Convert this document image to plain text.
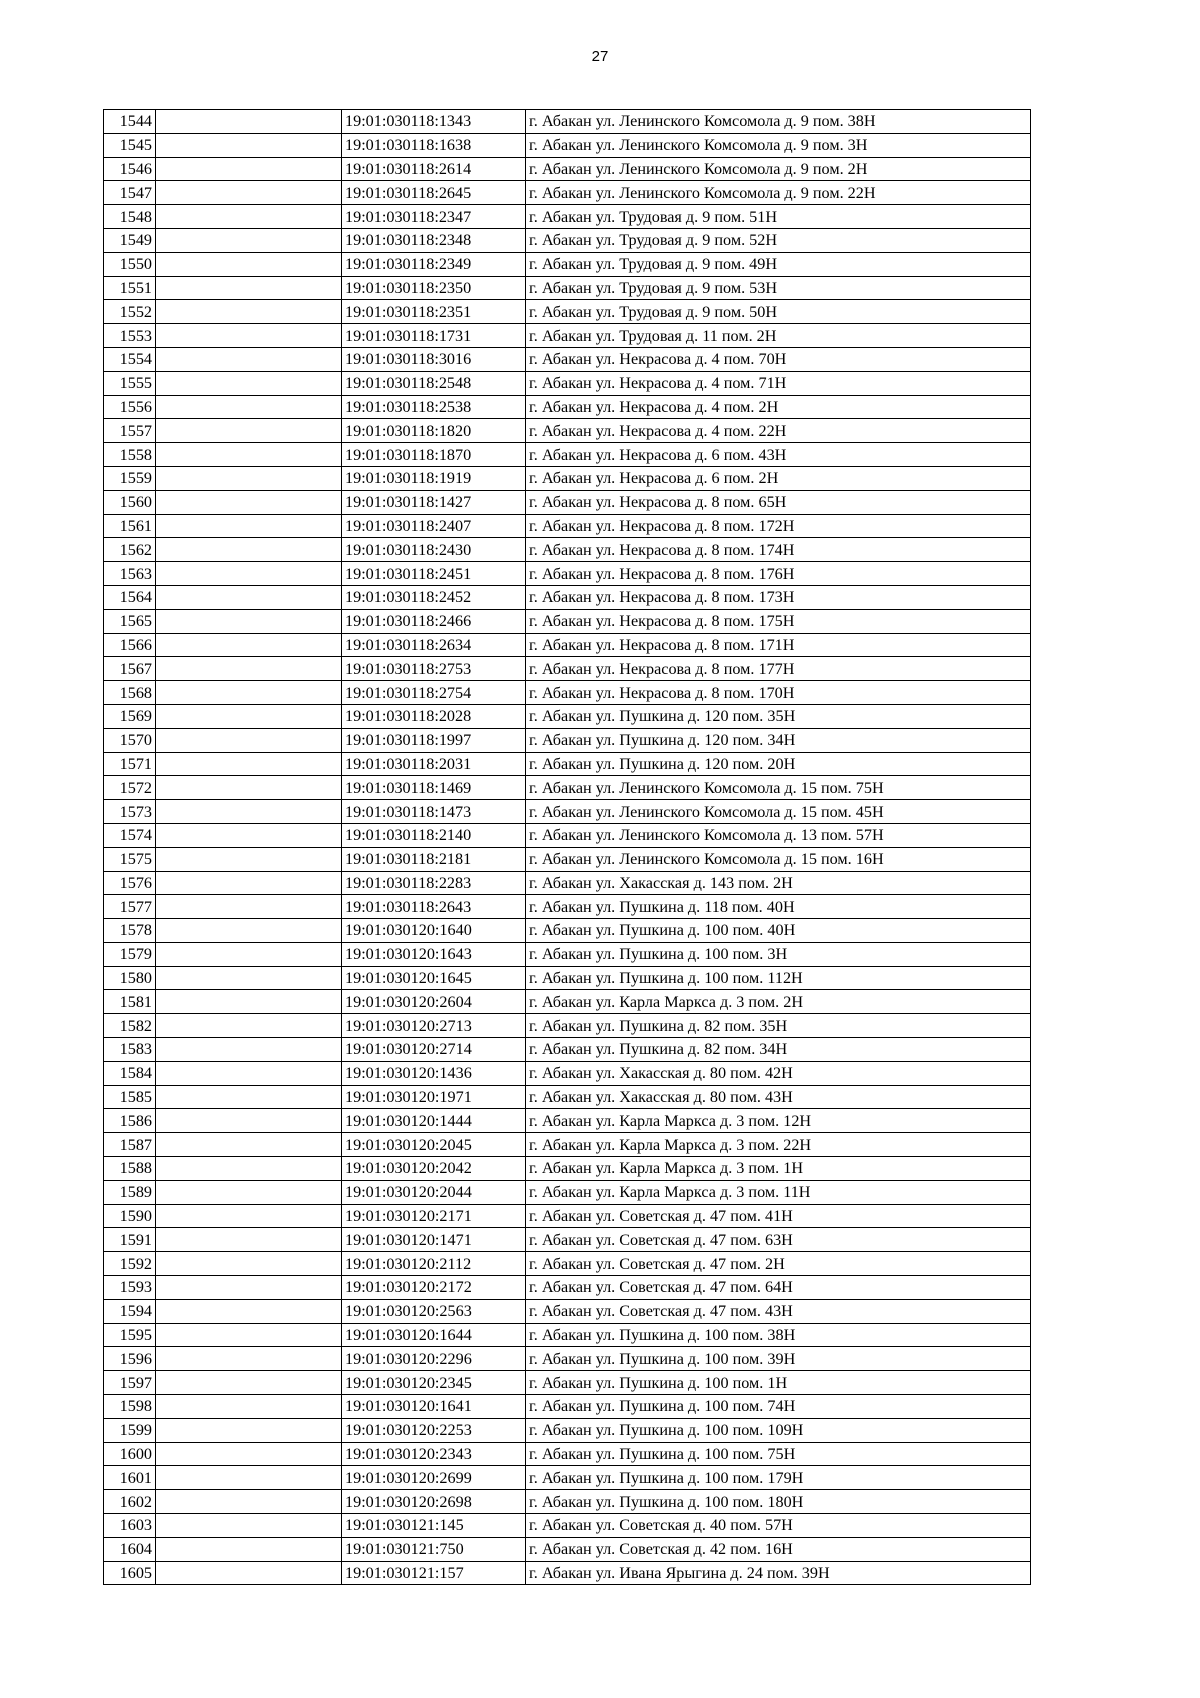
27
1544		19:01:030118:1343	г. Абакан ул. Ленинского Комсомола д. 9 пом. 38Н
1545		19:01:030118:1638	г. Абакан ул. Ленинского Комсомола д. 9 пом. 3Н
1546		19:01:030118:2614	г. Абакан ул. Ленинского Комсомола д. 9 пом. 2Н
1547		19:01:030118:2645	г. Абакан ул. Ленинского Комсомола д. 9 пом. 22Н
1548		19:01:030118:2347	г. Абакан ул. Трудовая д. 9 пом. 51Н
1549		19:01:030118:2348	г. Абакан ул. Трудовая д. 9 пом. 52Н
1550		19:01:030118:2349	г. Абакан ул. Трудовая д. 9 пом. 49Н
1551		19:01:030118:2350	г. Абакан ул. Трудовая д. 9 пом. 53Н
1552		19:01:030118:2351	г. Абакан ул. Трудовая д. 9 пом. 50Н
1553		19:01:030118:1731	г. Абакан ул. Трудовая д. 11 пом. 2Н
1554		19:01:030118:3016	г. Абакан ул. Некрасова д. 4 пом. 70Н
1555		19:01:030118:2548	г. Абакан ул. Некрасова д. 4 пом. 71Н
1556		19:01:030118:2538	г. Абакан ул. Некрасова д. 4 пом. 2Н
1557		19:01:030118:1820	г. Абакан ул. Некрасова д. 4 пом. 22Н
1558		19:01:030118:1870	г. Абакан ул. Некрасова д. 6 пом. 43Н
1559		19:01:030118:1919	г. Абакан ул. Некрасова д. 6 пом. 2Н
1560		19:01:030118:1427	г. Абакан ул. Некрасова д. 8 пом. 65Н
1561		19:01:030118:2407	г. Абакан ул. Некрасова д. 8 пом. 172Н
1562		19:01:030118:2430	г. Абакан ул. Некрасова д. 8 пом. 174Н
1563		19:01:030118:2451	г. Абакан ул. Некрасова д. 8 пом. 176Н
1564		19:01:030118:2452	г. Абакан ул. Некрасова д. 8 пом. 173Н
1565		19:01:030118:2466	г. Абакан ул. Некрасова д. 8 пом. 175Н
1566		19:01:030118:2634	г. Абакан ул. Некрасова д. 8 пом. 171Н
1567		19:01:030118:2753	г. Абакан ул. Некрасова д. 8 пом. 177Н
1568		19:01:030118:2754	г. Абакан ул. Некрасова д. 8 пом. 170Н
1569		19:01:030118:2028	г. Абакан ул. Пушкина д. 120 пом. 35Н
1570		19:01:030118:1997	г. Абакан ул. Пушкина д. 120 пом. 34Н
1571		19:01:030118:2031	г. Абакан ул. Пушкина д. 120 пом. 20Н
1572		19:01:030118:1469	г. Абакан ул. Ленинского Комсомола д. 15 пом. 75Н
1573		19:01:030118:1473	г. Абакан ул. Ленинского Комсомола д. 15 пом. 45Н
1574		19:01:030118:2140	г. Абакан ул. Ленинского Комсомола д. 13 пом. 57Н
1575		19:01:030118:2181	г. Абакан ул. Ленинского Комсомола д. 15 пом. 16Н
1576		19:01:030118:2283	г. Абакан ул. Хакасская д. 143 пом. 2Н
1577		19:01:030118:2643	г. Абакан ул. Пушкина д. 118 пом. 40Н
1578		19:01:030120:1640	г. Абакан ул. Пушкина д. 100 пом. 40Н
1579		19:01:030120:1643	г. Абакан ул. Пушкина д. 100 пом. 3Н
1580		19:01:030120:1645	г. Абакан ул. Пушкина д. 100 пом. 112Н
1581		19:01:030120:2604	г. Абакан ул. Карла Маркса д. 3 пом. 2Н
1582		19:01:030120:2713	г. Абакан ул. Пушкина д. 82 пом. 35Н
1583		19:01:030120:2714	г. Абакан ул. Пушкина д. 82 пом. 34Н
1584		19:01:030120:1436	г. Абакан ул. Хакасская д. 80 пом. 42Н
1585		19:01:030120:1971	г. Абакан ул. Хакасская д. 80 пом. 43Н
1586		19:01:030120:1444	г. Абакан ул. Карла Маркса д. 3 пом. 12Н
1587		19:01:030120:2045	г. Абакан ул. Карла Маркса д. 3 пом. 22Н
1588		19:01:030120:2042	г. Абакан ул. Карла Маркса д. 3 пом. 1Н
1589		19:01:030120:2044	г. Абакан ул. Карла Маркса д. 3 пом. 11Н
1590		19:01:030120:2171	г. Абакан ул. Советская д. 47 пом. 41Н
1591		19:01:030120:1471	г. Абакан ул. Советская д. 47 пом. 63Н
1592		19:01:030120:2112	г. Абакан ул. Советская д. 47 пом. 2Н
1593		19:01:030120:2172	г. Абакан ул. Советская д. 47 пом. 64Н
1594		19:01:030120:2563	г. Абакан ул. Советская д. 47 пом. 43Н
1595		19:01:030120:1644	г. Абакан ул. Пушкина д. 100 пом. 38Н
1596		19:01:030120:2296	г. Абакан ул. Пушкина д. 100 пом. 39Н
1597		19:01:030120:2345	г. Абакан ул. Пушкина д. 100 пом. 1Н
1598		19:01:030120:1641	г. Абакан ул. Пушкина д. 100 пом. 74Н
1599		19:01:030120:2253	г. Абакан ул. Пушкина д. 100 пом. 109Н
1600		19:01:030120:2343	г. Абакан ул. Пушкина д. 100 пом. 75Н
1601		19:01:030120:2699	г. Абакан ул. Пушкина д. 100 пом. 179Н
1602		19:01:030120:2698	г. Абакан ул. Пушкина д. 100 пом. 180Н
1603		19:01:030121:145	г. Абакан ул. Советская д. 40 пом. 57Н
1604		19:01:030121:750	г. Абакан ул. Советская д. 42 пом. 16Н
1605		19:01:030121:157	г. Абакан ул. Ивана Ярыгина д. 24 пом. 39Н
